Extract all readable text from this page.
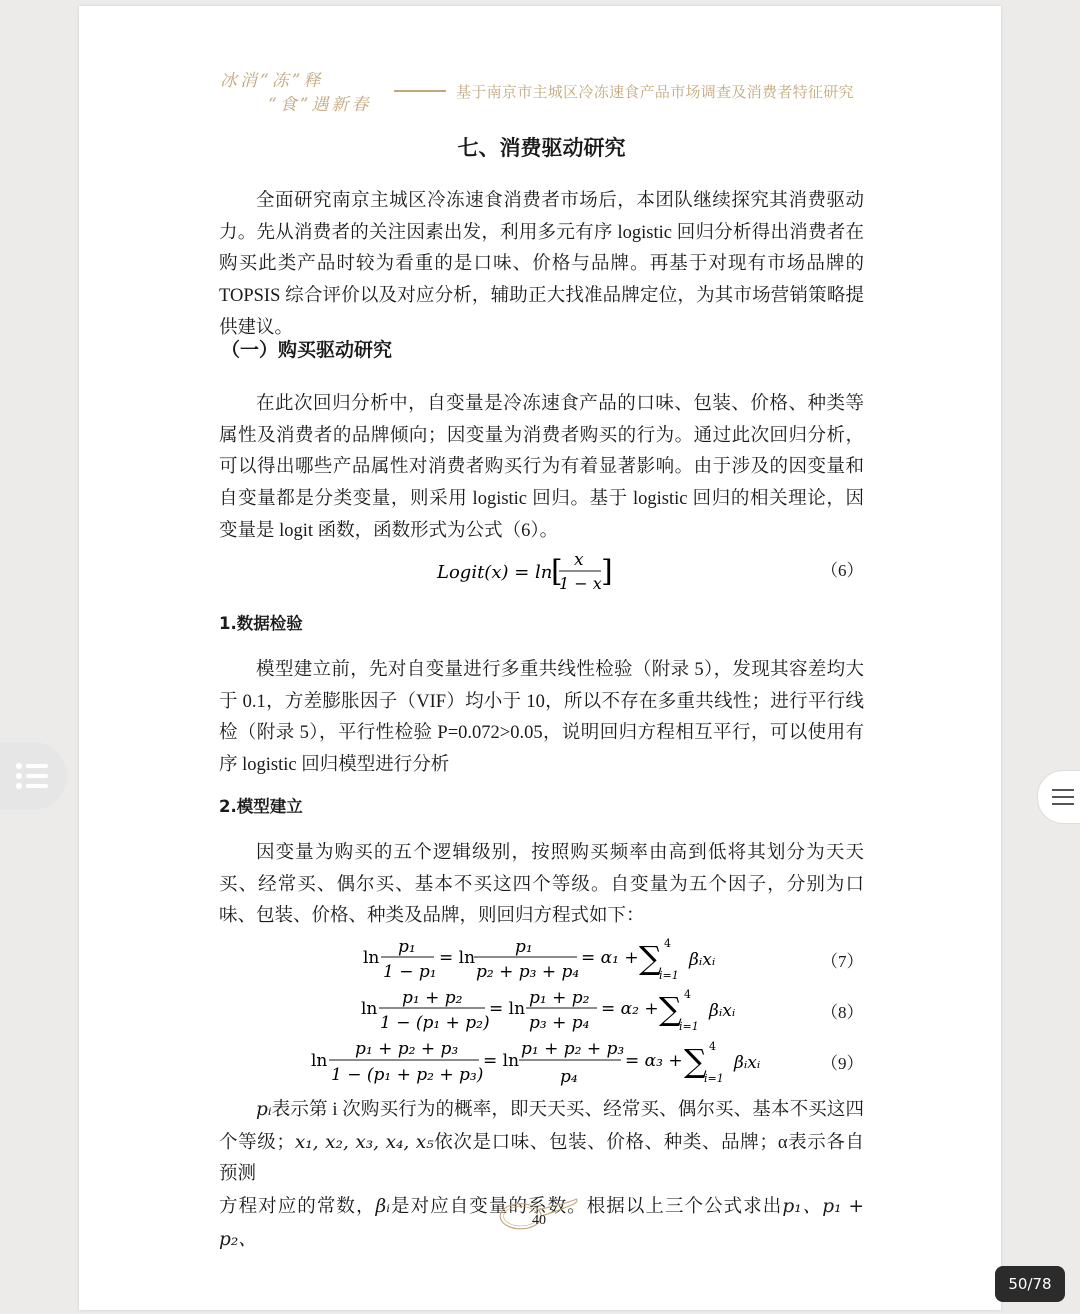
冰消“冻”释
“食”遇新春
基于南京市主城区冷冻速食产品市场调查及消费者特征研究
七、消费驱动研究

全面研究南京主城区冷冻速食消费者市场后，本团队继续探究其消费驱动力。先从消费者的关注因素出发，利用多元有序 logistic 回归分析得出消费者在购买此类产品时较为看重的是口味、价格与品牌。再基于对现有市场品牌的 TOPSIS 综合评价以及对应分析，辅助正大找准品牌定位，为其市场营销策略提供建议。

（一）购买驱动研究

在此次回归分析中，自变量是冷冻速食产品的口味、包装、价格、种类等属性及消费者的品牌倾向；因变量为消费者购买的行为。通过此次回归分析，可以得出哪些产品属性对消费者购买行为有着显著影响。由于涉及的因变量和自变量都是分类变量，则采用 logistic 回归。基于 logistic 回归的相关理论，因变量是 logit 函数，函数形式为公式（6）。

Logit(x) = ln
[ x
1 − x ]	（6）
1.数据检验

模型建立前，先对自变量进行多重共线性检验（附录 5），发现其容差均大于 0.1，方差膨胀因子（VIF）均小于 10，所以不存在多重共线性；进行平行线检（附录 5），平行性检验 P=0.072>0.05，说明回归方程相互平行，可以使用有序 logistic 回归模型进行分析

2.模型建立

因变量为购买的五个逻辑级别，按照购买频率由高到低将其划分为天天买、经常买、偶尔买、基本不买这四个等级。自变量为五个因子，分别为口味、包装、价格、种类及品牌，则回归方程式如下：

ln
p₁
1 − p₁
= ln
p₁
p₂ + p₃ + p₄
= α₁ + ∑ 4
i=1
βᵢxᵢ	（7）
ln
p₁ + p₂
1 − (p₁ + p₂)
= ln
p₁ + p₂
p₃ + p₄
= α₂ + ∑ 4
i=1
βᵢxᵢ	（8）
ln
p₁ + p₂ + p₃
1 − (p₁ + p₂ + p₃)
= ln
p₁ + p₂ + p₃
p₄
= α₃ + ∑ 4
i=1
βᵢxᵢ	（9）

pᵢ表示第 i 次购买行为的概率，即天天买、经常买、偶尔买、基本不买这四个等级；x₁, x₂, x₃, x₄, x₅依次是口味、包装、价格、种类、品牌；α表示各自预测

方程对应的常数，βᵢ是对应自变量的系数。根据以上三个公式求出p₁、p₁ + p₂、
40
50/78
